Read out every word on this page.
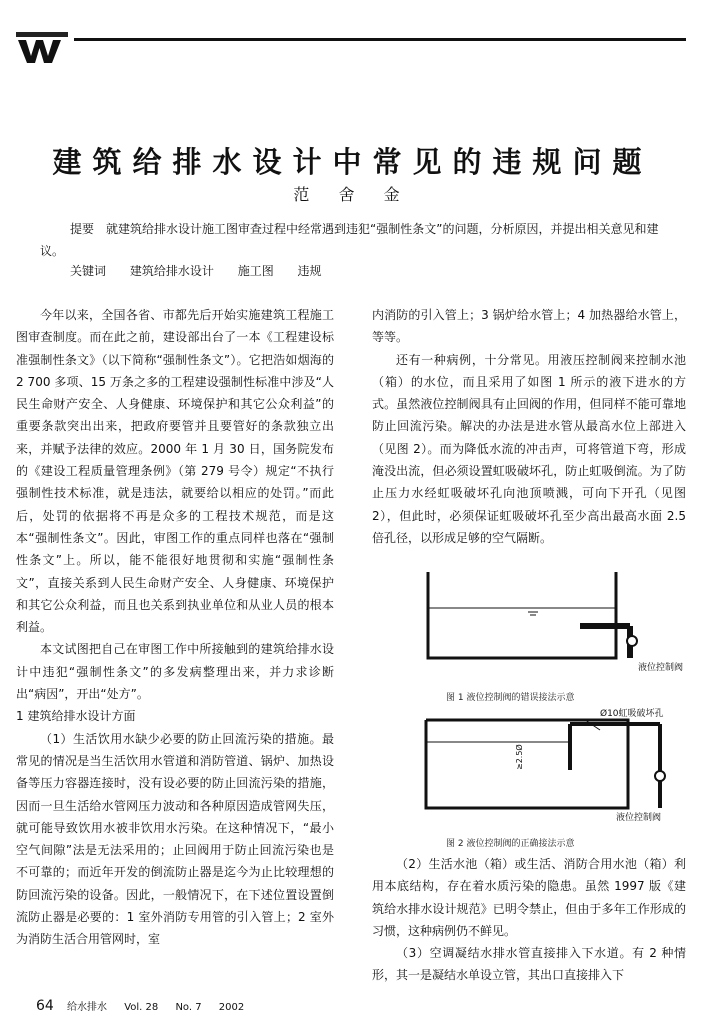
建筑给排水设计中常见的违规问题
范 舍 金
提要 就建筑给排水设计施工图审查过程中经常遇到违犯“强制性条文”的问题，分析原因，并提出相关意见和建议。
关键词 建筑给排水设计 施工图 违规

今年以来，全国各省、市都先后开始实施建筑工程施工图审查制度。而在此之前，建设部出台了一本《工程建设标准强制性条文》（以下简称“强制性条文”）。它把浩如烟海的 2 700 多项、15 万条之多的工程建设强制性标准中涉及“人民生命财产安全、人身健康、环境保护和其它公众利益”的重要条款突出出来，把政府要管并且要管好的条款独立出来，并赋予法律的效应。2000 年 1 月 30 日，国务院发布的《建设工程质量管理条例》（第 279 号令）规定“不执行强制性技术标准，就是违法，就要给以相应的处罚。”而此后，处罚的依据将不再是众多的工程技术规范，而是这本“强制性条文”。因此，审图工作的重点同样也落在“强制性条文”上。所以，能不能很好地贯彻和实施“强制性条文”，直接关系到人民生命财产安全、人身健康、环境保护和其它公众利益，而且也关系到执业单位和从业人员的根本利益。

本文试图把自己在审图工作中所接触到的建筑给排水设计中违犯“强制性条文”的多发病整理出来，并力求诊断出“病因”，开出“处方”。

1 建筑给排水设计方面

（1）生活饮用水缺少必要的防止回流污染的措施。最常见的情况是当生活饮用水管道和消防管道、锅炉、加热设备等压力容器连接时，没有设必要的防止回流污染的措施，因而一旦生活给水管网压力波动和各种原因造成管网失压，就可能导致饮用水被非饮用水污染。在这种情况下，“最小空气间隙”法是无法采用的；止回阀用于防止回流污染也是不可靠的；而近年开发的倒流防止器是迄今为止比较理想的防回流污染的设备。因此，一般情况下，在下述位置设置倒流防止器是必要的：1 室外消防专用管的引入管上；2 室外为消防生活合用管网时，室

内消防的引入管上；3 锅炉给水管上；4 加热器给水管上，等等。

还有一种病例，十分常见。用液压控制阀来控制水池（箱）的水位，而且采用了如图 1 所示的液下进水的方式。虽然液位控制阀具有止回阀的作用，但同样不能可靠地防止回流污染。解决的办法是进水管从最高水位上部进入（见图 2）。而为降低水流的冲击声，可将管道下弯，形成淹没出流，但必须设置虹吸破坏孔，防止虹吸倒流。为了防止压力水经虹吸破坏孔向池顶喷溅，可向下开孔（见图 2），但此时，必须保证虹吸破坏孔至少高出最高水面 2.5 倍孔径，以形成足够的空气隔断。

液位控制阀
图 1 液位控制阀的错误接法示意
Ø10虹吸破坏孔
≥2.5Ø
液位控制阀
图 2 液位控制阀的正确接法示意

（2）生活水池（箱）或生活、消防合用水池（箱）利用本底结构，存在着水质污染的隐患。虽然 1997 版《建筑给水排水设计规范》已明令禁止，但由于多年工作形成的习惯，这种病例仍不鲜见。

（3）空调凝结水排水管直接排入下水道。有 2 种情形，其一是凝结水单设立管，其出口直接排入下

64 给水排水 Vol. 28 No. 7 2002
